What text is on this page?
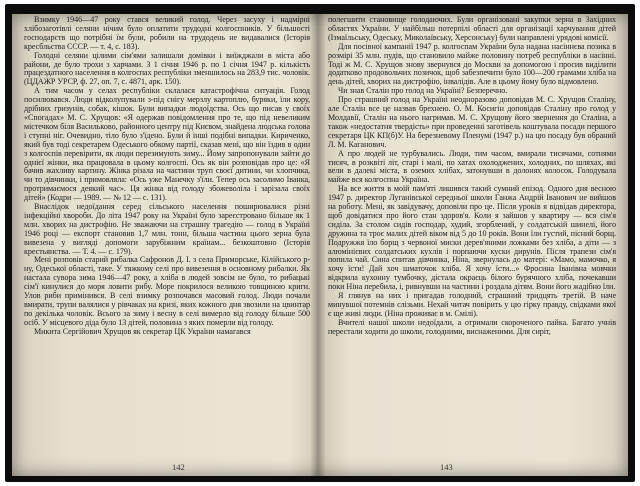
Взимку 1946—47 року стався великий голод. Через засуху і надмірні хлібозаготівлі селяни нічим було оплатити трудодні колгоспників. У більшості господарств що потрібні їм були, робили на трудодень не видавалися (Історія кресбльства СССР. — т. 4, с. 183).

Голодні селяни цілими сім'ями залишали домівки і виїжджали в міста або райони, де було трохи з харчами. З 1 січня 1946 р. по 1 січня 1947 р. кількість працездатного населення в колгоспах республіки зменшилось на 283,9 тис. чоловік. (ЦДАЖР УРСР, ф. 27, оп. 7, с. 4871, арк. 150).

А тим часом у селах республіки склалася катастрофічна ситуація. Голод посилювався. Люди відколупували з-під снігу мерзлу картоплю, буряки, їли кору, дрібних гризунів, собак, кішок. Були випадки людоїдства. Ось що писав у своїх «Спогадах» М. С. Хрущов: «Я одержав повідомлення про те, що під невеликим містечком біля Васильково, районного центру під Києвом, знайдена людська голова і ступні ніг. Очевидно, тіло було з'їдено. Були й інші подібні випадки. Кириченко, який був тоді секретарем Одеського обкому партії, сказав мені, що він їздив в один з колгоспів перевірити, як люди перезимують зиму... Йому запропонували зайти до однієї жінки, яка працювала в цьому колгоспі. Ось як він розповідав про це: «Я бачив жахливу картину. Жінка різала на частини труп своєї дитини, чи хлопчика, чи то дівчинки, і примовляла: «Ось уже Манечку з'їли. Тепер ось засолимо Іванка, протримаємося деякий час». Ця жінка від голоду збожеволіла і зарізала своїх дітей» (Кодри — 1989. — № 12 — с. 131).

Внаслідок недоїдання серед сільського населення поширювалися різні інфекційні хвороби. До літа 1947 року на Україні було зареєстровано більше як 1 млн. хворих на дистрофію. Не зважаючи на страшну трагедію — голод в Україні 1946 році — експорт становив 1,7 млн. тонн, більша частина цього зерна була вивезена у вигляді допомоги зарубіжним країнам... безкоштовно (Історія крестьянства. — Т. 4. — с. 179).

Мені розповів старий рибалка Сафронов Д. І. з села Приморське, Кілійського р-ну, Одеської області, таке. У тяжкому селі про вивезення в основному рибалки. Як настала сувора зима 1946—47 року, а хліба в людей зовсім не було, то рибацькі сім'ї кинулися до моря ловити рибу. Море покрилося великою товщиною криги. Улов риби примінився. В селі взимку розпочався масовий голод. Люди почали вмирати, трупи валялися у рівчаках на кризі, яких кожного дня звозили на цвинтар по декілька чоловік. Всього за зиму і весну в селі вимерло від голоду більше 500 осіб. У місцевого діда було 13 дітей, половина з яких померли від голоду.

Микита Сергійович Хрущов як секретар ЦК України намагався

полегшити становище голодаючих. Були організовані закупки зерна в Західних областях України. У найбільш потерпілі області для організації харчування дітей (Ізмаїльську, Одеську, Миколаївську, Херсонську) були направлені урядові комісії.

Для посівної кампанії 1947 р. колгоспам України була надана насіннєва позика в розмірі 35 млн. пудів, що становило майже половину потреб республіки в насінні. Тоді ж М. С. Хрущов знову звернувся до Москви за допомогою і просив виділити додатково продовольчих позичок, щоб забезпечити було 100—200 грамами хліба на день дітей, хворих на дистрофію, інвалідів. Але в цьому йому було відмовлено.

Чи знав Сталін про голод на Україні? Безперечно.

Про страшний голод на Україні неодноразово доповідав М. С. Хрущов Сталіну, але Сталін все це назвав брехнею. О. М. Косигін доповідав Сталіну про голод у Молдавії, Сталін на нього нагримав. М. С. Хрущову його звернення до Сталіна, а також «недостатня твердість» при проведенні заготівель коштувала посади першого секретаря ЦК КП(б)У. На березневому Пленумі (1947 р.) на цю посаду був обраний Л. М. Каганович.

А про людей не турбувались. Люди, тим часом, вмирали тисячами, сотнями тисяч, в розквіті літ, старі і малі, по хатах охолоджених, холодних, по шляхах, які вели в далекі міста, в оземих хлібах, затонувши в долонях колосок. Голодувала майже вся колгоспна Україна.

На все життя в моїй пам'яті лишився такий сумний епізод. Одного дня весною 1947 р. директор Луганівської середньої школи Ганжа Андрій Іванович не вийшов на роботу. Мені, як завідувачу, доповіли про це. Після уроків я відвідав директора, щоб довідатися про його стан здоров'я. Коли я зайшов у квартиру — вся сім'я сиділа. За столом сидів господар, худий, згорблений, у солдатській шинелі, його дружина та троє малих дітей віком від 5 до 10 років. Вони їли густий, пісний борщ. Подружжя їло борщ з червоної миски дерев'яними ложками без хліба, а діти — з алюмінієвих солдатських кухлів і порпаючи куски дирунів. Після трапези сім'я попила чай. Сина спитав дівчинка, Ніна, звернулась до матері: «Мамо, мамочко, я хочу їсти! Дай хоч шматочок хліба. Я хочу їсти...» Фросина Іванівна мовчки відкрила кухонну тумбочку, дістала окраєць білого бурячного хліба, почекавши поки Ніна перебила, і, ривнувши на частини і роздала дітям. Вони його жадібно їли.

Я глянув на них і пригадав голодний, страшний тридцять третій. В наче минувшої потемнів слізьми. Нехай читач повірить у цю гірку правду, свідками якої є ще живі люди. (Ніна проживає в м. Смілі).

Вчителі нашої школи недоїдали, а отримали скороченого пайка. Багато учнів перестали ходити до школи, голодними, виснаженими. Для сиріт,

142	143
